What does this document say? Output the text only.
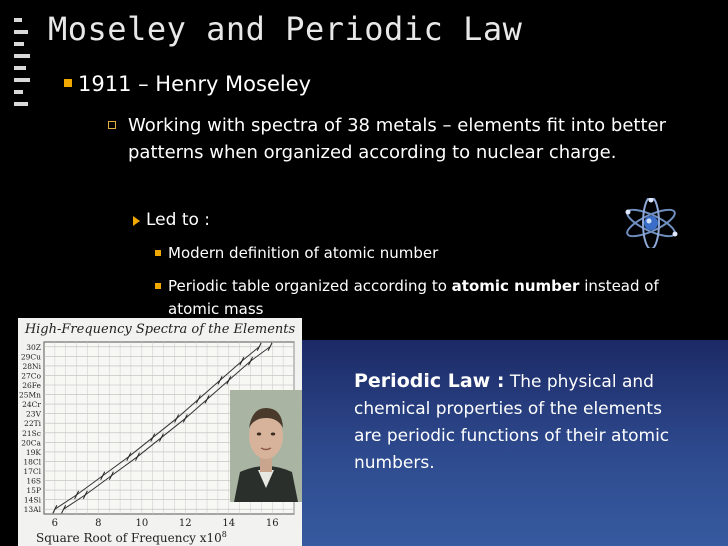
Moseley and Periodic Law
1911 – Henry Moseley
Working with spectra of 38 metals – elements fit into better patterns when organized according to nuclear charge.
Led to :
Modern definition of atomic number
Periodic table organized according to atomic number instead of atomic mass
High-Frequency Spectra of the Elements
30Z
29Cu
28Ni
27Co
26Fe
25Mn
24Cr
23V
22Ti
21Sc
20Ca
19K
18Cl
17Cl
16S
15P
14Si
13Al
6	8	10	12	14	16
Square Root of Frequency $x10^8$
Periodic Law : The physical and chemical properties of the elements are periodic functions of their atomic numbers.
